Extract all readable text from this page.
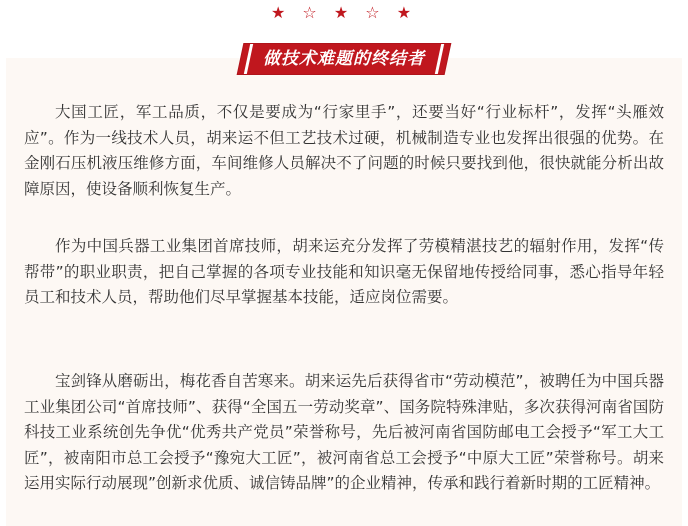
★ ☆ ★ ☆ ★
做技术难题的终结者

大国工匠，军工品质，不仅是要成为“行家里手”，还要当好“行业标杆”，发挥“头雁效应”。作为一线技术人员，胡来运不但工艺技术过硬，机械制造专业也发挥出很强的优势。在金刚石压机液压维修方面，车间维修人员解决不了问题的时候只要找到他，很快就能分析出故障原因，使设备顺利恢复生产。

作为中国兵器工业集团首席技师，胡来运充分发挥了劳模精湛技艺的辐射作用，发挥“传帮带”的职业职责，把自己掌握的各项专业技能和知识毫无保留地传授给同事，悉心指导年轻员工和技术人员，帮助他们尽早掌握基本技能，适应岗位需要。

宝剑锋从磨砺出，梅花香自苦寒来。胡来运先后获得省市“劳动模范”，被聘任为中国兵器工业集团公司“首席技师”、获得“全国五一劳动奖章”、国务院特殊津贴，多次获得河南省国防科技工业系统创先争优“优秀共产党员”荣誉称号，先后被河南省国防邮电工会授予“军工大工匠”，被南阳市总工会授予“豫宛大工匠”，被河南省总工会授予“中原大工匠”荣誉称号。胡来运用实际行动展现”创新求优质、诚信铸品牌”的企业精神，传承和践行着新时期的工匠精神。
